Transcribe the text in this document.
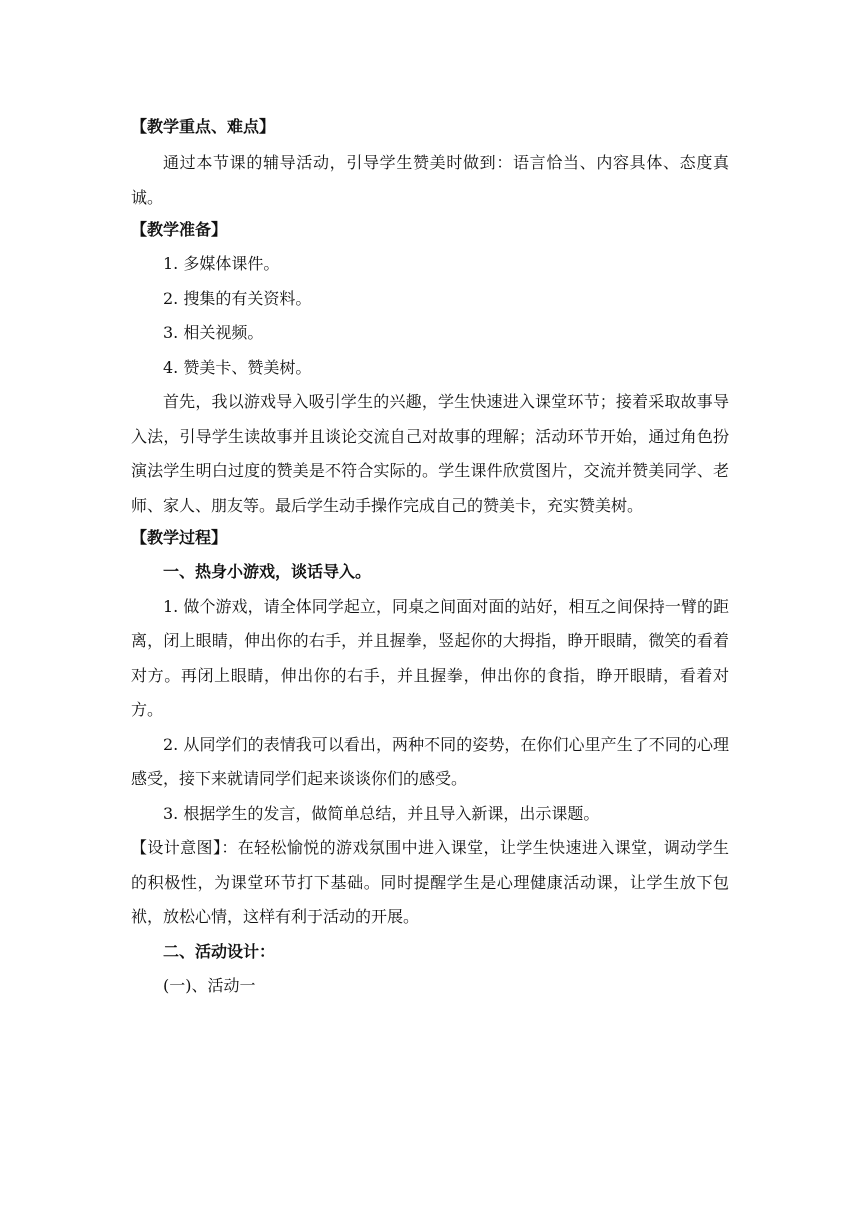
【教学重点、难点】

通过本节课的辅导活动，引导学生赞美时做到：语言恰当、内容具体、态度真诚。

【教学准备】
1. 多媒体课件。
2. 搜集的有关资料。
3. 相关视频。
4. 赞美卡、赞美树。

首先，我以游戏导入吸引学生的兴趣，学生快速进入课堂环节；接着采取故事导入法，引导学生读故事并且谈论交流自己对故事的理解；活动环节开始，通过角色扮演法学生明白过度的赞美是不符合实际的。学生课件欣赏图片，交流并赞美同学、老师、家人、朋友等。最后学生动手操作完成自己的赞美卡，充实赞美树。

【教学过程】
一、热身小游戏，谈话导入。

1. 做个游戏，请全体同学起立，同桌之间面对面的站好，相互之间保持一臂的距离，闭上眼睛，伸出你的右手，并且握拳，竖起你的大拇指，睁开眼睛，微笑的看着对方。再闭上眼睛，伸出你的右手，并且握拳，伸出你的食指，睁开眼睛，看着对方。

2. 从同学们的表情我可以看出，两种不同的姿势，在你们心里产生了不同的心理感受，接下来就请同学们起来谈谈你们的感受。

3. 根据学生的发言，做简单总结，并且导入新课，出示课题。

【设计意图】：在轻松愉悦的游戏氛围中进入课堂，让学生快速进入课堂，调动学生的积极性，为课堂环节打下基础。同时提醒学生是心理健康活动课，让学生放下包袱，放松心情，这样有利于活动的开展。

二、活动设计：
(一)、活动一
